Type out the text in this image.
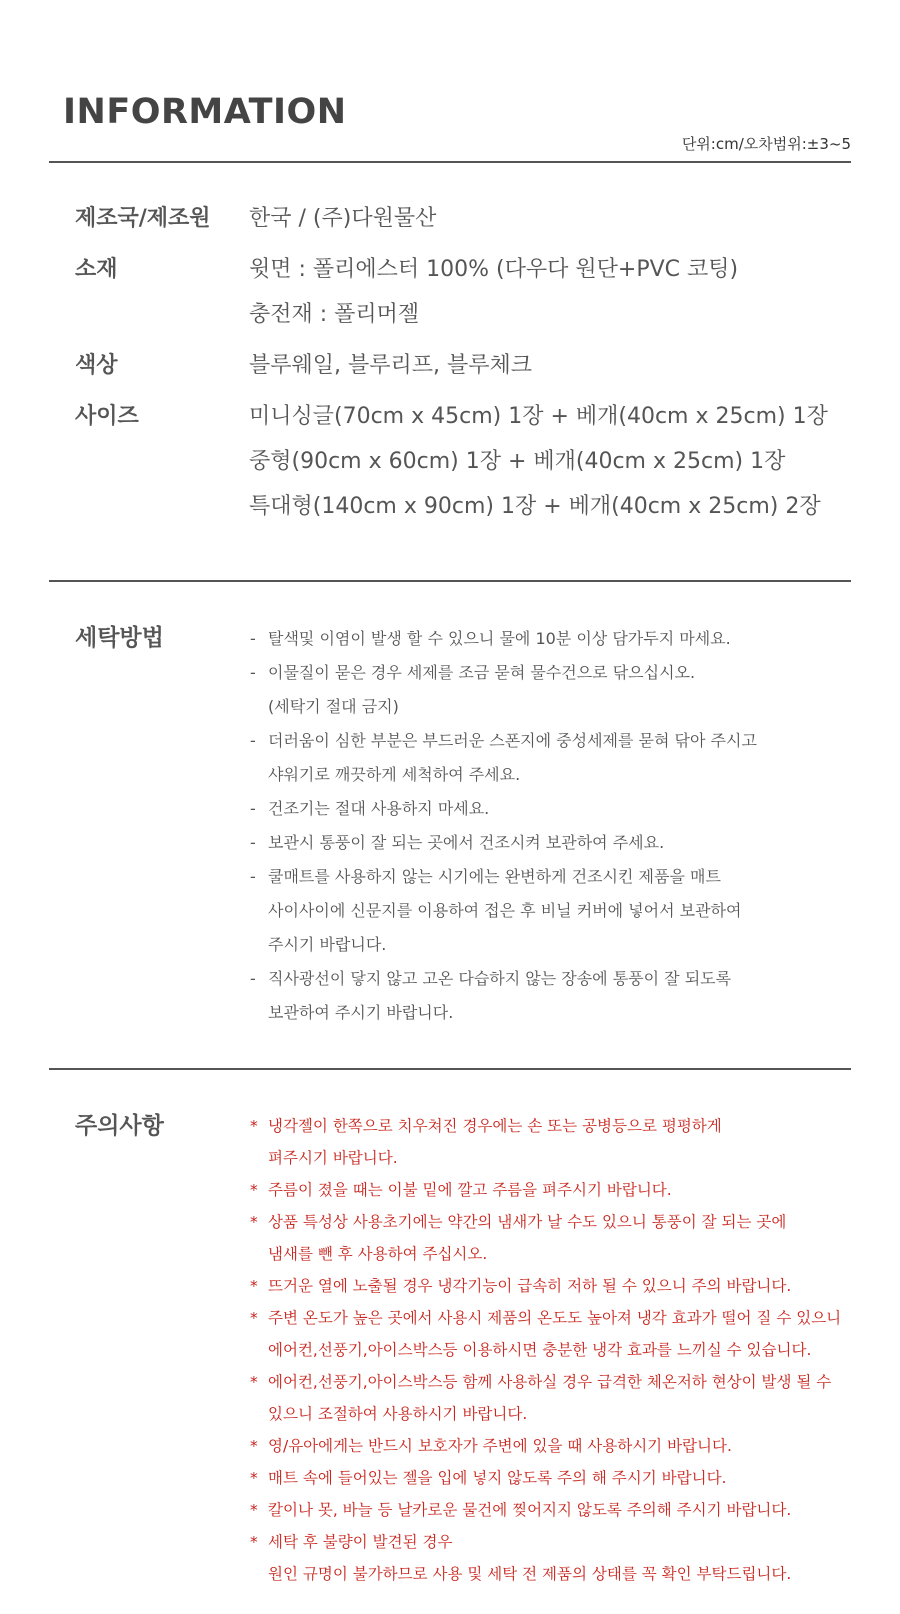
INFORMATION
단위:cm/오차범위:±3~5
제조국/제조원	한국 / (주)다원물산
소재	윗면 : 폴리에스터 100% (다우다 원단+PVC 코팅)
충전재 : 폴리머젤
색상	블루웨일, 블루리프, 블루체크
사이즈	미니싱글(70cm x 45cm) 1장 + 베개(40cm x 25cm) 1장
중형(90cm x 60cm) 1장 + 베개(40cm x 25cm) 1장
특대형(140cm x 90cm) 1장 + 베개(40cm x 25cm) 2장
세탁방법	- 탈색및 이염이 발생 할 수 있으니 물에 10분 이상 담가두지 마세요.
- 이물질이 묻은 경우 세제를 조금 묻혀 물수건으로 닦으십시오.
(세탁기 절대 금지)
- 더러움이 심한 부분은 부드러운 스폰지에 중성세제를 묻혀 닦아 주시고
샤워기로 깨끗하게 세척하여 주세요.
- 건조기는 절대 사용하지 마세요.
- 보관시 통풍이 잘 되는 곳에서 건조시켜 보관하여 주세요.
- 쿨매트를 사용하지 않는 시기에는 완변하게 건조시킨 제품을 매트
사이사이에 신문지를 이용하여 접은 후 비닐 커버에 넣어서 보관하여
주시기 바랍니다.
- 직사광선이 닿지 않고 고온 다습하지 않는 장송에 통풍이 잘 되도록
보관하여 주시기 바랍니다.
주의사항	* 냉각젤이 한쪽으로 치우쳐진 경우에는 손 또는 공병등으로 평평하게
펴주시기 바랍니다.
* 주름이 졌을 때는 이불 밑에 깔고 주름을 펴주시기 바랍니다.
* 상품 특성상 사용초기에는 약간의 냄새가 날 수도 있으니 통풍이 잘 되는 곳에
냄새를 뺀 후 사용하여 주십시오.
* 뜨거운 열에 노출될 경우 냉각기능이 급속히 저하 될 수 있으니 주의 바랍니다.
* 주변 온도가 높은 곳에서 사용시 제품의 온도도 높아져 냉각 효과가 떨어 질 수 있으니
에어컨,선풍기,아이스박스등 이용하시면 충분한 냉각 효과를 느끼실 수 있습니다.
* 에어컨,선풍기,아이스박스등 함께 사용하실 경우 급격한 체온저하 현상이 발생 될 수
있으니 조절하여 사용하시기 바랍니다.
* 영/유아에게는 반드시 보호자가 주변에 있을 때 사용하시기 바랍니다.
* 매트 속에 들어있는 젤을 입에 넣지 않도록 주의 해 주시기 바랍니다.
* 칼이나 못, 바늘 등 날카로운 물건에 찢어지지 않도록 주의해 주시기 바랍니다.
* 세탁 후 불량이 발견된 경우
원인 규명이 불가하므로 사용 및 세탁 전 제품의 상태를 꼭 확인 부탁드립니다.
